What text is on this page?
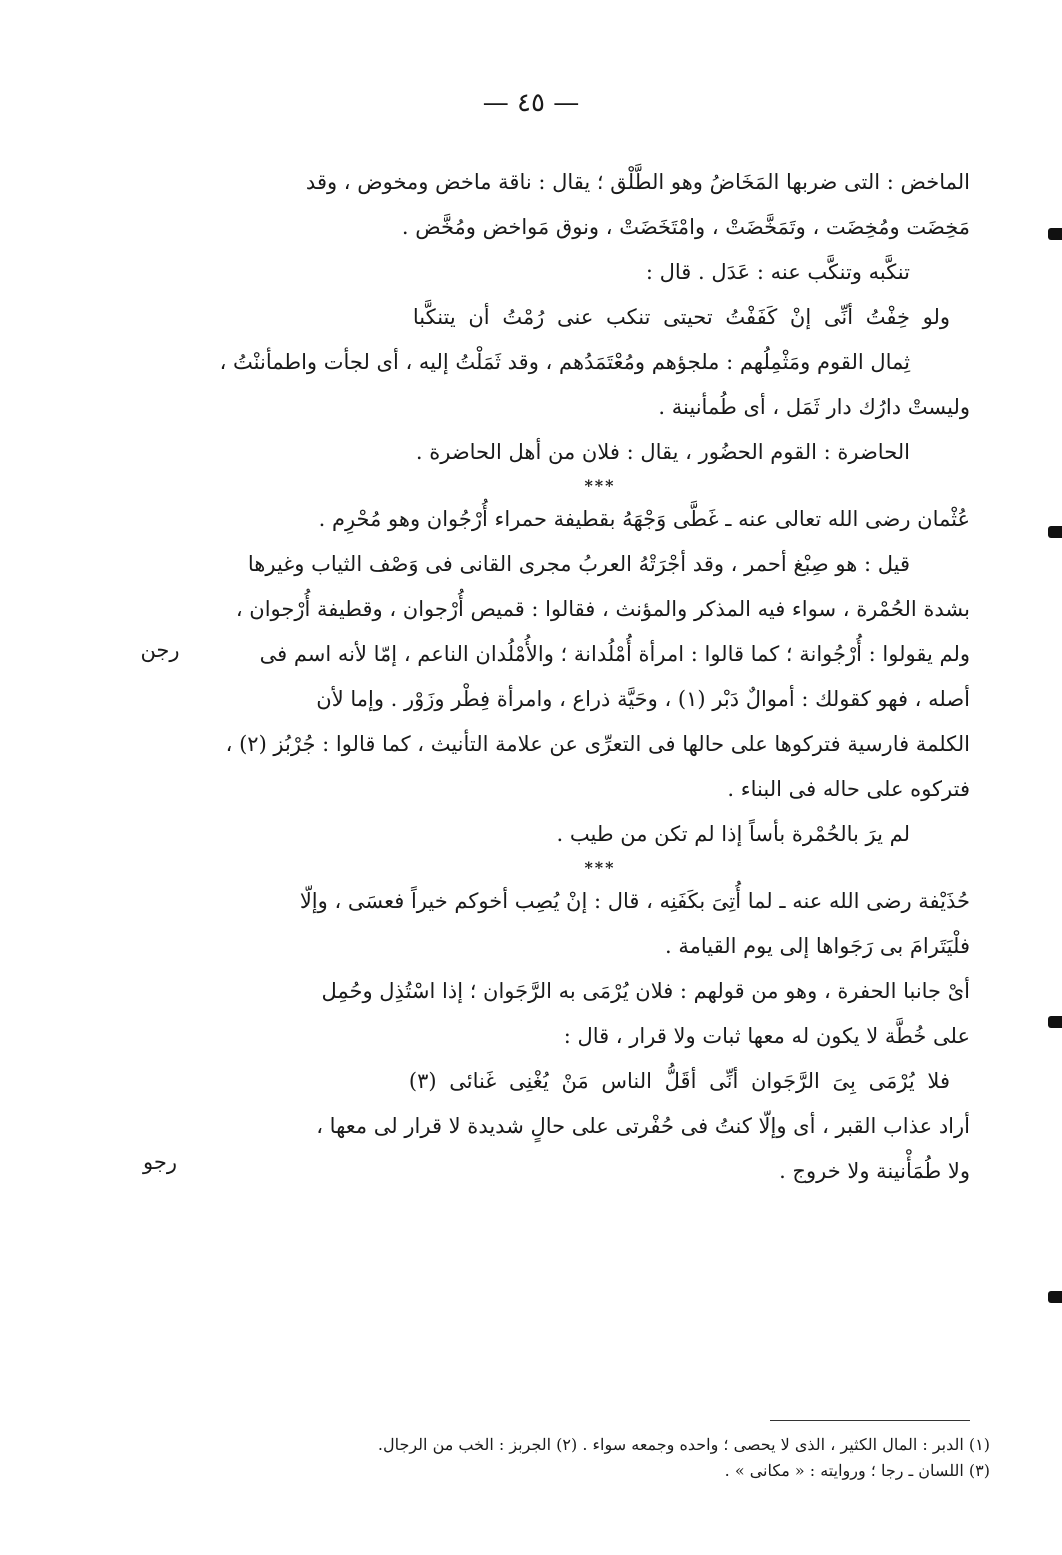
— ٤٥ —
الماخض : التى ضربها المَخَاضُ وهو الطَّلْق ؛ يقال : ناقة ماخض ومخوض ، وقد
مَخِضَت ومُخِضَت ، وتَمَخَّضَتْ ، وامْتَخَضَتْ ، ونوق مَواخض ومُخَّض .
تنكَّبه وتنكَّب عنه : عَدَل . قال :
ولو خِفْتُ أنِّى إنْ كَفَفْتُ تحيتى تنكب عنى رُمْتُ أن يتنكَّبا
ثِمال القوم ومَثْمِلُهم : ملجؤهم ومُعْتَمَدُهم ، وقد ثَمَلْتُ إليه ، أى لجأت واطمأننْتُ ،
وليستْ دارُك دار ثَمَل ، أى طُمأنينة .
الحاضرة : القوم الحضُور ، يقال : فلان من أهل الحاضرة .
***
عُثْمان رضى الله تعالى عنه ـ غَطَّى وَجْهَهُ بقطيفة حمراء أُرْجُوان وهو مُحْرِم .
قيل : هو صِبْغ أحمر ، وقد أجْرَتْهُ العربُ مجرى القانى فى وَصْف الثياب وغيرها
بشدة الحُمْرة ، سواء فيه المذكر والمؤنث ، فقالوا : قميص أُرْجوان ، وقطيفة أُرْجوان ،
ولم يقولوا : أُرْجُوانة ؛ كما قالوا : امرأة أُمْلُدانة ؛ والأُمْلُدان الناعم ، إمّا لأنه اسم فى
أصله ، فهو كقولك : أموالٌ دَبْر (١) ، وحَيَّة ذراع ، وامرأة فِطْر وزَوْر . وإما لأن
الكلمة فارسية فتركوها على حالها فى التعرِّى عن علامة التأنيث ، كما قالوا : جُرْبُز (٢) ،
فتركوه على حاله فى البناء .
لم يرَ بالحُمْرة بأساً إذا لم تكن من طيب .
***
حُذَيْفة رضى الله عنه ـ لما أُتِىَ بكَفَنِه ، قال : إنْ يُصِب أخوكم خيراً فعسَى ، وإلّا
فلْيَتَرامَ بى رَجَواها إلى يوم القيامة .
أىْ جانبا الحفرة ، وهو من قولهم : فلان يُرْمَى به الرَّجَوان ؛ إذا اسْتُذِل وحُمِل
على خُطَّة لا يكون له معها ثبات ولا قرار ، قال :
فلا يُرْمَى بِىَ الرَّجَوان أنِّى أقَلُّ الناس مَنْ يُغْنِى غَنائى (٣)
أراد عذاب القبر ، أى وإلّا كنتُ فى حُفْرتى على حالٍ شديدة لا قرار لى معها ،
ولا طُمَأْنينة ولا خروج .
رجن
رجو
(١) الدبر : المال الكثير ، الذى لا يحصى ؛ واحده وجمعه سواء . (٢) الجربز : الخب من الرجال.
(٣) اللسان ـ رجا ؛ وروايته : « مكانى » .
